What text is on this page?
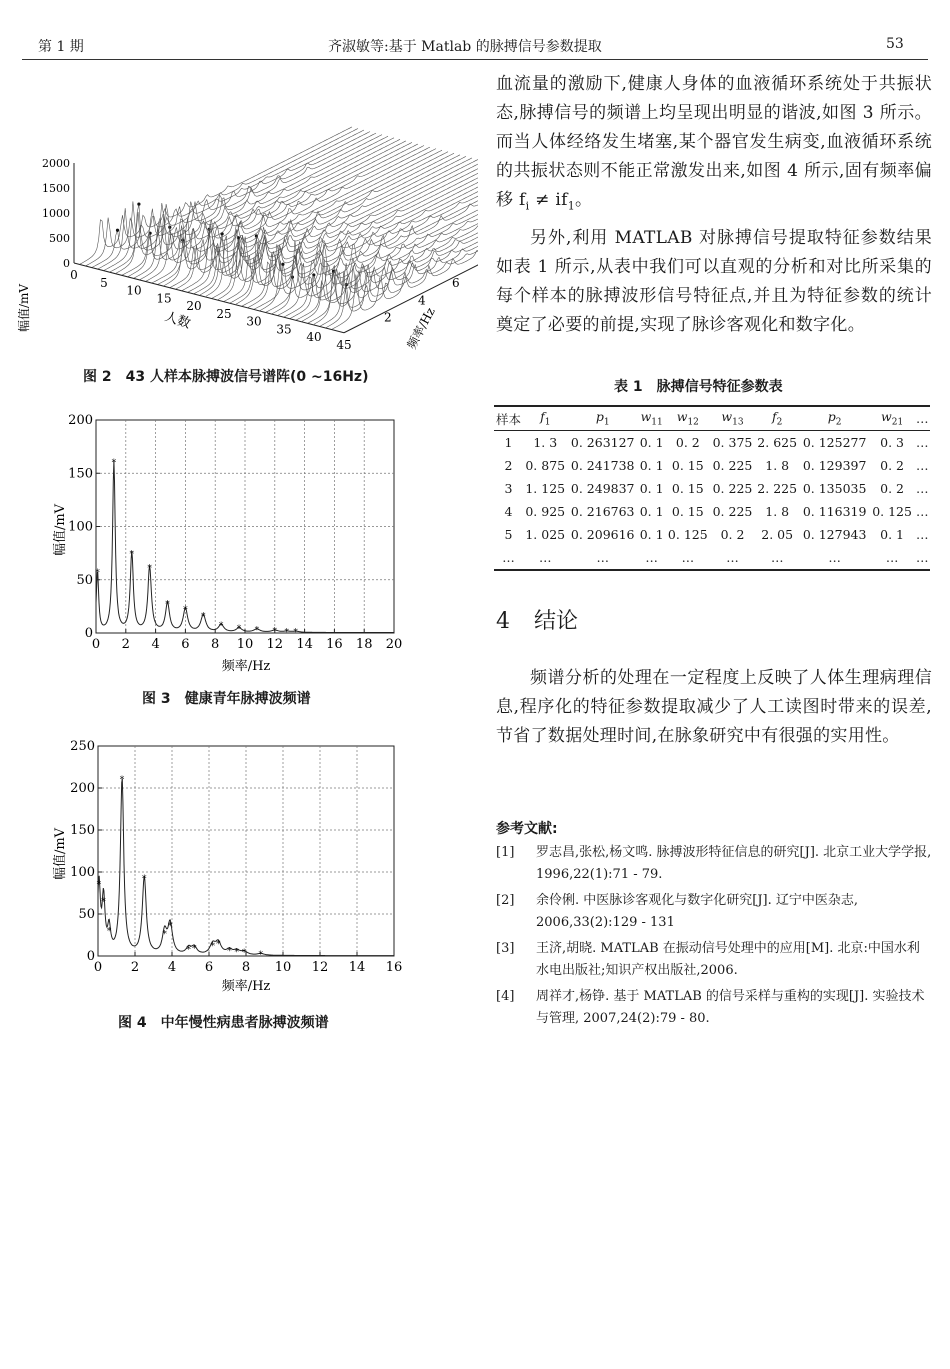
第 1 期	齐淑敏等:基于 Matlab 的脉搏信号参数提取	53
0
500
1000
1500
2000
0
5
10
15
20
25
30
35
40
45
2
4
6
幅值/mV	人数	频率/Hz
图 2　43 人样本脉搏波信号谱阵(0 ~16Hz)
0 2 4 6 8 10 12 14 16 18 20
0
50
100
150
200
*
*
*
*
*
*
*
* * * * * *
幅值/mV
频率/Hz
图 3　健康青年脉搏波频谱
0 2 4 6 8 10 12 14 16
0
50
100
150
200
250
*
*
*
*
*
*
*
* * * *
* * * *
幅值/mV
频率/Hz
图 4　中年慢性病患者脉搏波频谱

血流量的激励下,健康人身体的血液循环系统处于共振状态,脉搏信号的频谱上均呈现出明显的谐波,如图 3 所示。而当人体经络发生堵塞,某个器官发生病变,血液循环系统的共振状态则不能正常激发出来,如图 4 所示,固有频率偏移 $f_i \ne if_1$。

另外,利用 MATLAB 对脉搏信号提取特征参数结果如表 1 所示,从表中我们可以直观的分析和对比所采集的每个样本的脉搏波形信号特征点,并且为特征参数的统计奠定了必要的前提,实现了脉诊客观化和数字化。

表 1　脉搏信号特征参数表
样本	$f_1$	$p_1$	$w_{11}$	$w_{12}$	$w_{13}$	$f_2$	$p_2$	$w_{21}$	…
1	1. 3	0. 263127	0. 1	0. 2	0. 375	2. 625	0. 125277	0. 3	…
2	0. 875	0. 241738	0. 1	0. 15	0. 225	1. 8	0. 129397	0. 2	…
3	1. 125	0. 249837	0. 1	0. 15	0. 225	2. 225	0. 135035	0. 2	…
4	0. 925	0. 216763	0. 1	0. 15	0. 225	1. 8	0. 116319	0. 125	…
5	1. 025	0. 209616	0. 1	0. 125	0. 2	2. 05	0. 127943	0. 1	…
…	…	…	…	…	…	…	…	…	…
4 结论

频谱分析的处理在一定程度上反映了人体生理病理信息,程序化的特征参数提取减少了人工读图时带来的误差,节省了数据处理时间,在脉象研究中有很强的实用性。

参考文献:
[1] 罗志昌,张松,杨文鸣. 脉搏波形特征信息的研究[J]. 北京工业大学学报, 1996,22(1):71 - 79.
[2] 余伶俐. 中医脉诊客观化与数字化研究[J]. 辽宁中医杂志, 2006,33(2):129 - 131
[3] 王济,胡晓. MATLAB 在振动信号处理中的应用[M]. 北京:中国水利水电出版社;知识产权出版社,2006.
[4] 周祥才,杨铮. 基于 MATLAB 的信号采样与重构的实现[J]. 实验技术与管理, 2007,24(2):79 - 80.
